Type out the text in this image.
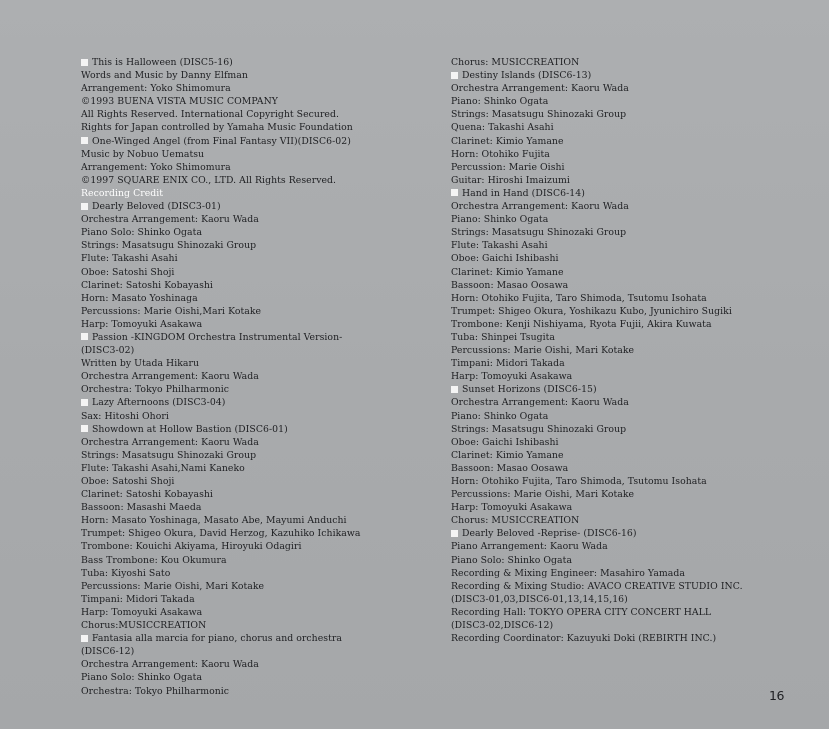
This is Halloween (DISC5-16)
Words and Music by Danny Elfman
Arrangement: Yoko Shimomura
©1993 BUENA VISTA MUSIC COMPANY
All Rights Reserved. International Copyright Secured.
Rights for Japan controlled by Yamaha Music Foundation
One-Winged Angel (from Final Fantasy VII)(DISC6-02)
Music by Nobuo Uematsu
Arrangement: Yoko Shimomura
©1997 SQUARE ENIX CO., LTD. All Rights Reserved.
Recording Credit
Dearly Beloved (DISC3-01)
Orchestra Arrangement: Kaoru Wada
Piano Solo: Shinko Ogata
Strings: Masatsugu Shinozaki Group
Flute: Takashi Asahi
Oboe: Satoshi Shoji
Clarinet: Satoshi Kobayashi
Horn: Masato Yoshinaga
Percussions: Marie Oishi,Mari Kotake
Harp: Tomoyuki Asakawa
Passion -KINGDOM Orchestra Instrumental Version-
(DISC3-02)
Written by Utada Hikaru
Orchestra Arrangement: Kaoru Wada
Orchestra: Tokyo Philharmonic
Lazy Afternoons (DISC3-04)
Sax: Hitoshi Ohori
Showdown at Hollow Bastion (DISC6-01)
Orchestra Arrangement: Kaoru Wada
Strings: Masatsugu Shinozaki Group
Flute: Takashi Asahi,Nami Kaneko
Oboe: Satoshi Shoji
Clarinet: Satoshi Kobayashi
Bassoon: Masashi Maeda
Horn: Masato Yoshinaga, Masato Abe, Mayumi Anduchi
Trumpet: Shigeo Okura, David Herzog, Kazuhiko Ichikawa
Trombone: Kouichi Akiyama, Hiroyuki Odagiri
Bass Trombone: Kou Okumura
Tuba: Kiyoshi Sato
Percussions: Marie Oishi, Mari Kotake
Timpani: Midori Takada
Harp: Tomoyuki Asakawa
Chorus:MUSICCREATION
Fantasia alla marcia for piano, chorus and orchestra
(DISC6-12)
Orchestra Arrangement: Kaoru Wada
Piano Solo: Shinko Ogata
Orchestra: Tokyo Philharmonic
Chorus: MUSICCREATION
Destiny Islands (DISC6-13)
Orchestra Arrangement: Kaoru Wada
Piano: Shinko Ogata
Strings: Masatsugu Shinozaki Group
Quena: Takashi Asahi
Clarinet: Kimio Yamane
Horn: Otohiko Fujita
Percussion: Marie Oishi
Guitar: Hiroshi Imaizumi
Hand in Hand (DISC6-14)
Orchestra Arrangement: Kaoru Wada
Piano: Shinko Ogata
Strings: Masatsugu Shinozaki Group
Flute: Takashi Asahi
Oboe: Gaichi Ishibashi
Clarinet: Kimio Yamane
Bassoon: Masao Oosawa
Horn: Otohiko Fujita, Taro Shimoda, Tsutomu Isohata
Trumpet: Shigeo Okura, Yoshikazu Kubo, Jyunichiro Sugiki
Trombone: Kenji Nishiyama, Ryota Fujii, Akira Kuwata
Tuba: Shinpei Tsugita
Percussions: Marie Oishi, Mari Kotake
Timpani: Midori Takada
Harp: Tomoyuki Asakawa
Sunset Horizons (DISC6-15)
Orchestra Arrangement: Kaoru Wada
Piano: Shinko Ogata
Strings: Masatsugu Shinozaki Group
Oboe: Gaichi Ishibashi
Clarinet: Kimio Yamane
Bassoon: Masao Oosawa
Horn: Otohiko Fujita, Taro Shimoda, Tsutomu Isohata
Percussions: Marie Oishi, Mari Kotake
Harp: Tomoyuki Asakawa
Chorus: MUSICCREATION
Dearly Beloved -Reprise- (DISC6-16)
Piano Arrangement: Kaoru Wada
Piano Solo: Shinko Ogata
Recording & Mixing Engineer: Masahiro Yamada
Recording & Mixing Studio: AVACO CREATIVE STUDIO INC.
(DISC3-01,03,DISC6-01,13,14,15,16)
Recording Hall: TOKYO OPERA CITY CONCERT HALL
(DISC3-02,DISC6-12)
Recording Coordinator: Kazuyuki Doki (REBIRTH INC.)
16
